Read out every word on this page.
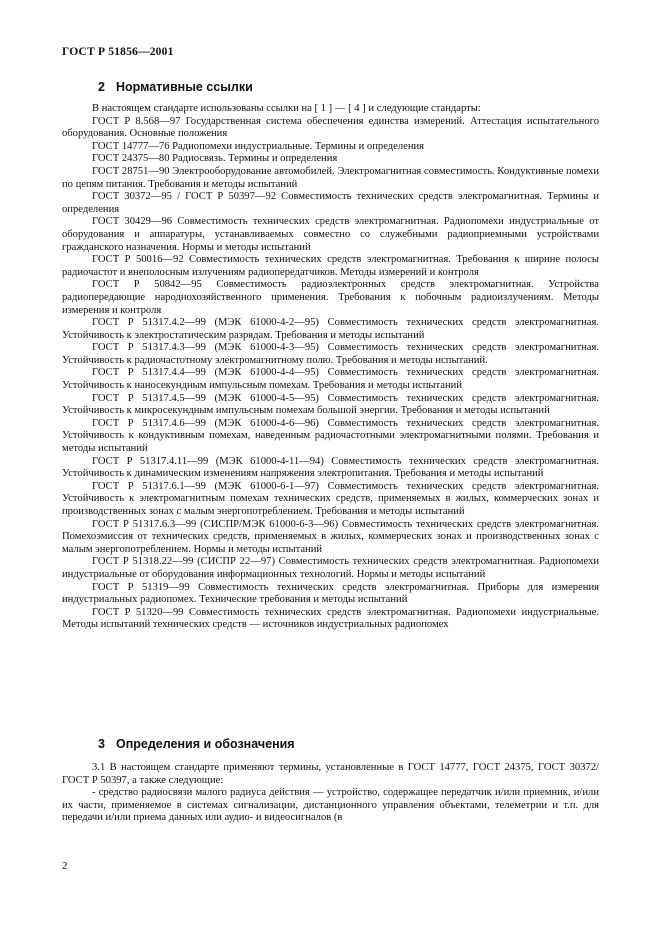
ГОСТ Р 51856—2001
2 Нормативные ссылки

В настоящем стандарте использованы ссылки на [ 1 ] — [ 4 ] и следующие стандарты:

ГОСТ Р 8.568—97 Государственная система обеспечения единства измерений. Аттестация испытательного оборудования. Основные положения

ГОСТ 14777—76 Радиопомехи индустриальные. Термины и определения

ГОСТ 24375—80 Радиосвязь. Термины и определения

ГОСТ 28751—90 Электрооборудование автомобилей. Электромагнитная совместимость. Кондуктивные помехи по цепям питания. Требования и методы испытаний

ГОСТ 30372—95 / ГОСТ Р 50397—92 Совместимость технических средств электромагнитная. Термины и определения

ГОСТ 30429—96 Совместимость технических средств электромагнитная. Радиопомехи индустриальные от оборудования и аппаратуры, устанавливаемых совместно со служебными радиоприемными устройствами гражданского назначения. Нормы и методы испытаний

ГОСТ Р 50016—92 Совместимость технических средств электромагнитная. Требования к ширине полосы радиочастот и внеполосным излучениям радиопередатчиков. Методы измерений и контроля

ГОСТ Р 50842—95 Совместимость радиоэлектронных средств электромагнитная. Устройства радиопередающие народнохозяйственного применения. Требования к побочным радиоизлучениям. Методы измерения и контроля

ГОСТ Р 51317.4.2—99 (МЭК 61000-4-2—95) Совместимость технических средств электромагнитная. Устойчивость к электростатическим разрядам. Требования и методы испытаний

ГОСТ Р 51317.4.3—99 (МЭК 61000-4-3—95) Совместимость технических средств электромагнитная. Устойчивость к радиочастотному электромагнитному полю. Требования и методы испытаний.

ГОСТ Р 51317.4.4—99 (МЭК 61000-4-4—95) Совместимость технических средств электромагнитная. Устойчивость к наносекундным импульсным помехам. Требования и методы испытаний

ГОСТ Р 51317.4.5—99 (МЭК 61000-4-5—95) Совместимость технических средств электромагнитная. Устойчивость к микросекундным импульсным помехам большой энергии. Требования и методы испытаний

ГОСТ Р 51317.4.6—99 (МЭК 61000-4-6—96) Совместимость технических средств электромагнитная. Устойчивость к кондуктивным помехам, наведенным радиочастотными электромагнитными полями. Требования и методы испытаний

ГОСТ Р 51317.4.11—99 (МЭК 61000-4-11—94) Совместимость технических средств электромагнитная. Устойчивость к динамическим изменениям напряжения электропитания. Требования и методы испытаний

ГОСТ Р 51317.6.1—99 (МЭК 61000-6-1—97) Совместимость технических средств электромагнитная. Устойчивость к электромагнитным помехам технических средств, применяемых в жилых, коммерческих зонах и производственных зонах с малым энергопотреблением. Требования и методы испытаний

ГОСТ Р 51317.6.3—99 (СИСПР/МЭК 61000-6-3—96) Совместимость технических средств электромагнитная. Помехоэмиссия от технических средств, применяемых в жилых, коммерческих зонах и производственных зонах с малым энергопотреблением. Нормы и методы испытаний

ГОСТ Р 51318.22—99 (СИСПР 22—97) Совместимость технических средств электромагнитная. Радиопомехи индустриальные от оборудования информационных технологий. Нормы и методы испытаний

ГОСТ Р 51319—99 Совместимость технических средств электромагнитная. Приборы для измерения индустриальных радиопомех. Технические требования и методы испытаний

ГОСТ Р 51320—99 Совместимость технических средств электромагнитная. Радиопомехи индустриальные. Методы испытаний технических средств — источников индустриальных радиопомех

3 Определения и обозначения

3.1 В настоящем стандарте применяют термины, установленные в ГОСТ 14777, ГОСТ 24375, ГОСТ 30372/ГОСТ Р 50397, а также следующие:

- средство радиосвязи малого радиуса действия — устройство, содержащее передатчик и/или приемник, и/или их части, применяемое в системах сигнализации, дистанционного управления объектами, телеметрии и т.п. для передачи и/или приема данных или аудио- и видеосигналов (в

2
